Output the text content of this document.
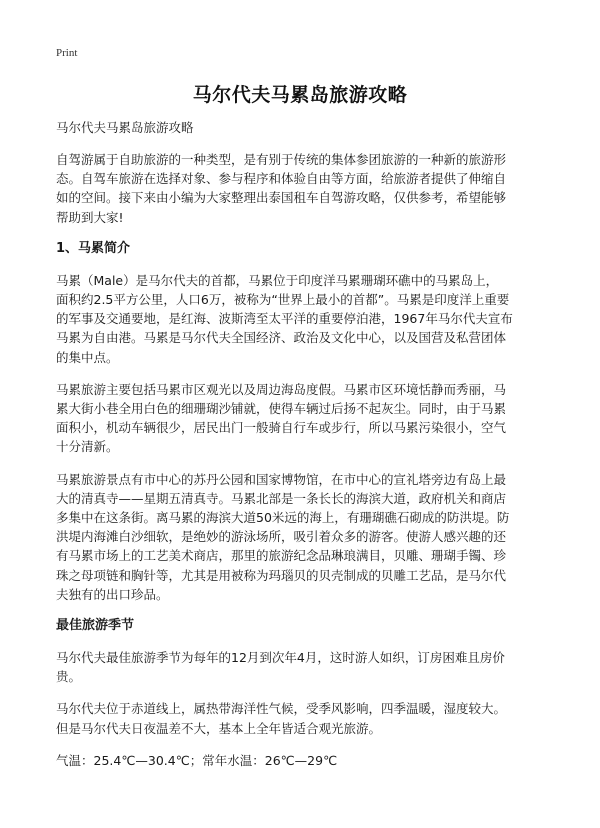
Print
马尔代夫马累岛旅游攻略
马尔代夫马累岛旅游攻略
自驾游属于自助旅游的一种类型，是有别于传统的集体参团旅游的一种新的旅游形
态。自驾车旅游在选择对象、参与程序和体验自由等方面，给旅游者提供了伸缩自
如的空间。接下来由小编为大家整理出泰国租车自驾游攻略，仅供参考，希望能够
帮助到大家!
1、马累简介
马累（Male）是马尔代夫的首都，马累位于印度洋马累珊瑚环礁中的马累岛上，
面积约2.5平方公里，人口6万，被称为“世界上最小的首都”。马累是印度洋上重要
的军事及交通要地，是红海、波斯湾至太平洋的重要停泊港，1967年马尔代夫宣布
马累为自由港。马累是马尔代夫全国经济、政治及文化中心，以及国营及私营团体
的集中点。
马累旅游主要包括马累市区观光以及周边海岛度假。马累市区环境恬静而秀丽，马
累大街小巷全用白色的细珊瑚沙铺就，使得车辆过后扬不起灰尘。同时，由于马累
面积小，机动车辆很少，居民出门一般骑自行车或步行，所以马累污染很小，空气
十分清新。
马累旅游景点有市中心的苏丹公园和国家博物馆，在市中心的宣礼塔旁边有岛上最
大的清真寺——星期五清真寺。马累北部是一条长长的海滨大道，政府机关和商店
多集中在这条街。离马累的海滨大道50米远的海上，有珊瑚礁石砌成的防洪堤。防
洪堤内海滩白沙细软，是绝妙的游泳场所，吸引着众多的游客。使游人感兴趣的还
有马累市场上的工艺美术商店，那里的旅游纪念品琳琅满目，贝雕、珊瑚手镯、珍
珠之母项链和胸针等，尤其是用被称为玛瑙贝的贝壳制成的贝雕工艺品，是马尔代
夫独有的出口珍品。
最佳旅游季节
马尔代夫最佳旅游季节为每年的12月到次年4月，这时游人如织，订房困难且房价
贵。
马尔代夫位于赤道线上，属热带海洋性气候，受季风影响，四季温暖，湿度较大。
但是马尔代夫日夜温差不大，基本上全年皆适合观光旅游。
气温：25.4℃—30.4℃；常年水温：26℃—29℃
